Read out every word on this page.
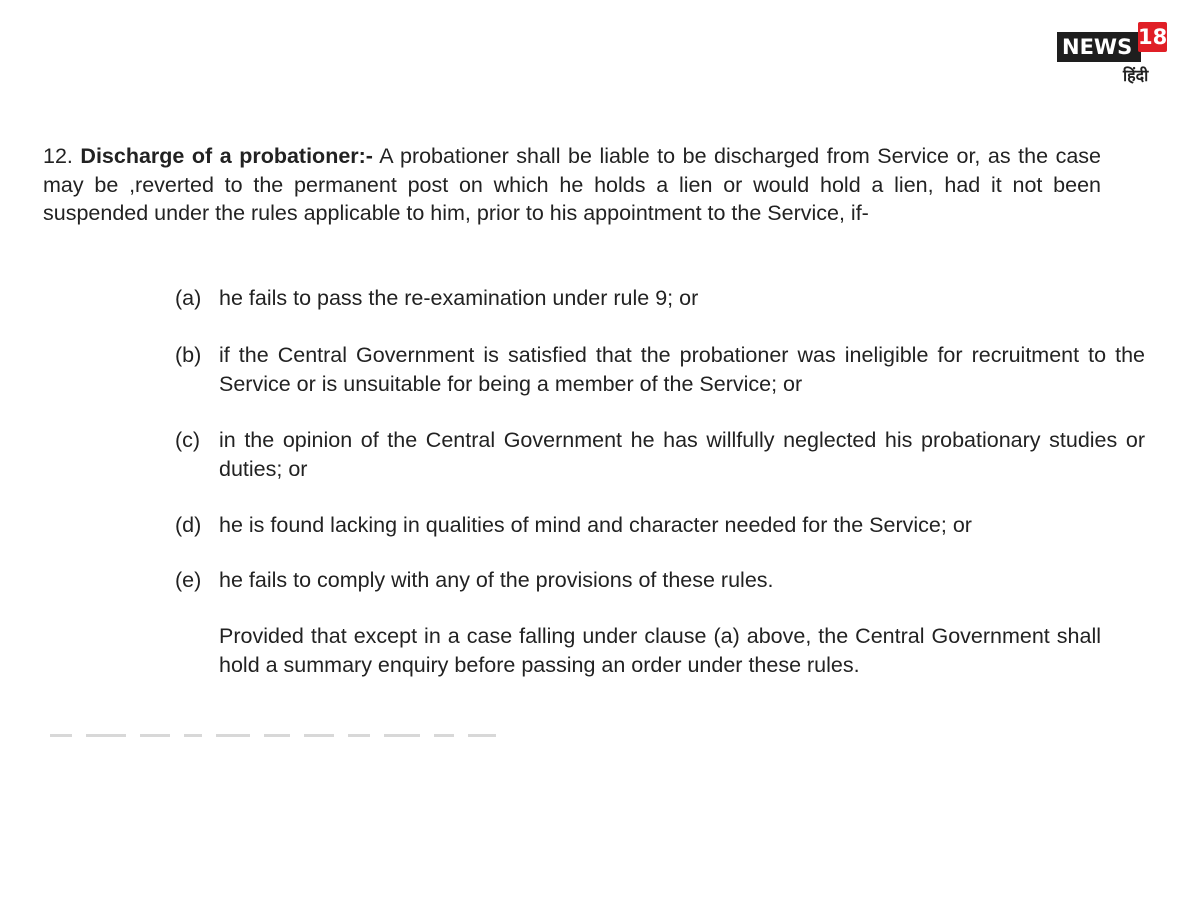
NEWS 18
हिंदी

12. Discharge of a probationer:- A probationer shall be liable to be discharged from Service or, as the case may be ,reverted to the permanent post on which he holds a lien or would hold a lien, had it not been suspended under the rules applicable to him, prior to his appointment to the Service, if-

(a) he fails to pass the re-examination under rule 9; or
(b) if the Central Government is satisfied that the probationer was ineligible for recruitment to the Service or is unsuitable for being a member of the Service; or
(c) in the opinion of the Central Government he has willfully neglected his probationary studies or duties; or
(d) he is found lacking in qualities of mind and character needed for the Service; or
(e) he fails to comply with any of the provisions of these rules.
Provided that except in a case falling under clause (a) above, the Central Government shall hold a summary enquiry before passing an order under these rules.
